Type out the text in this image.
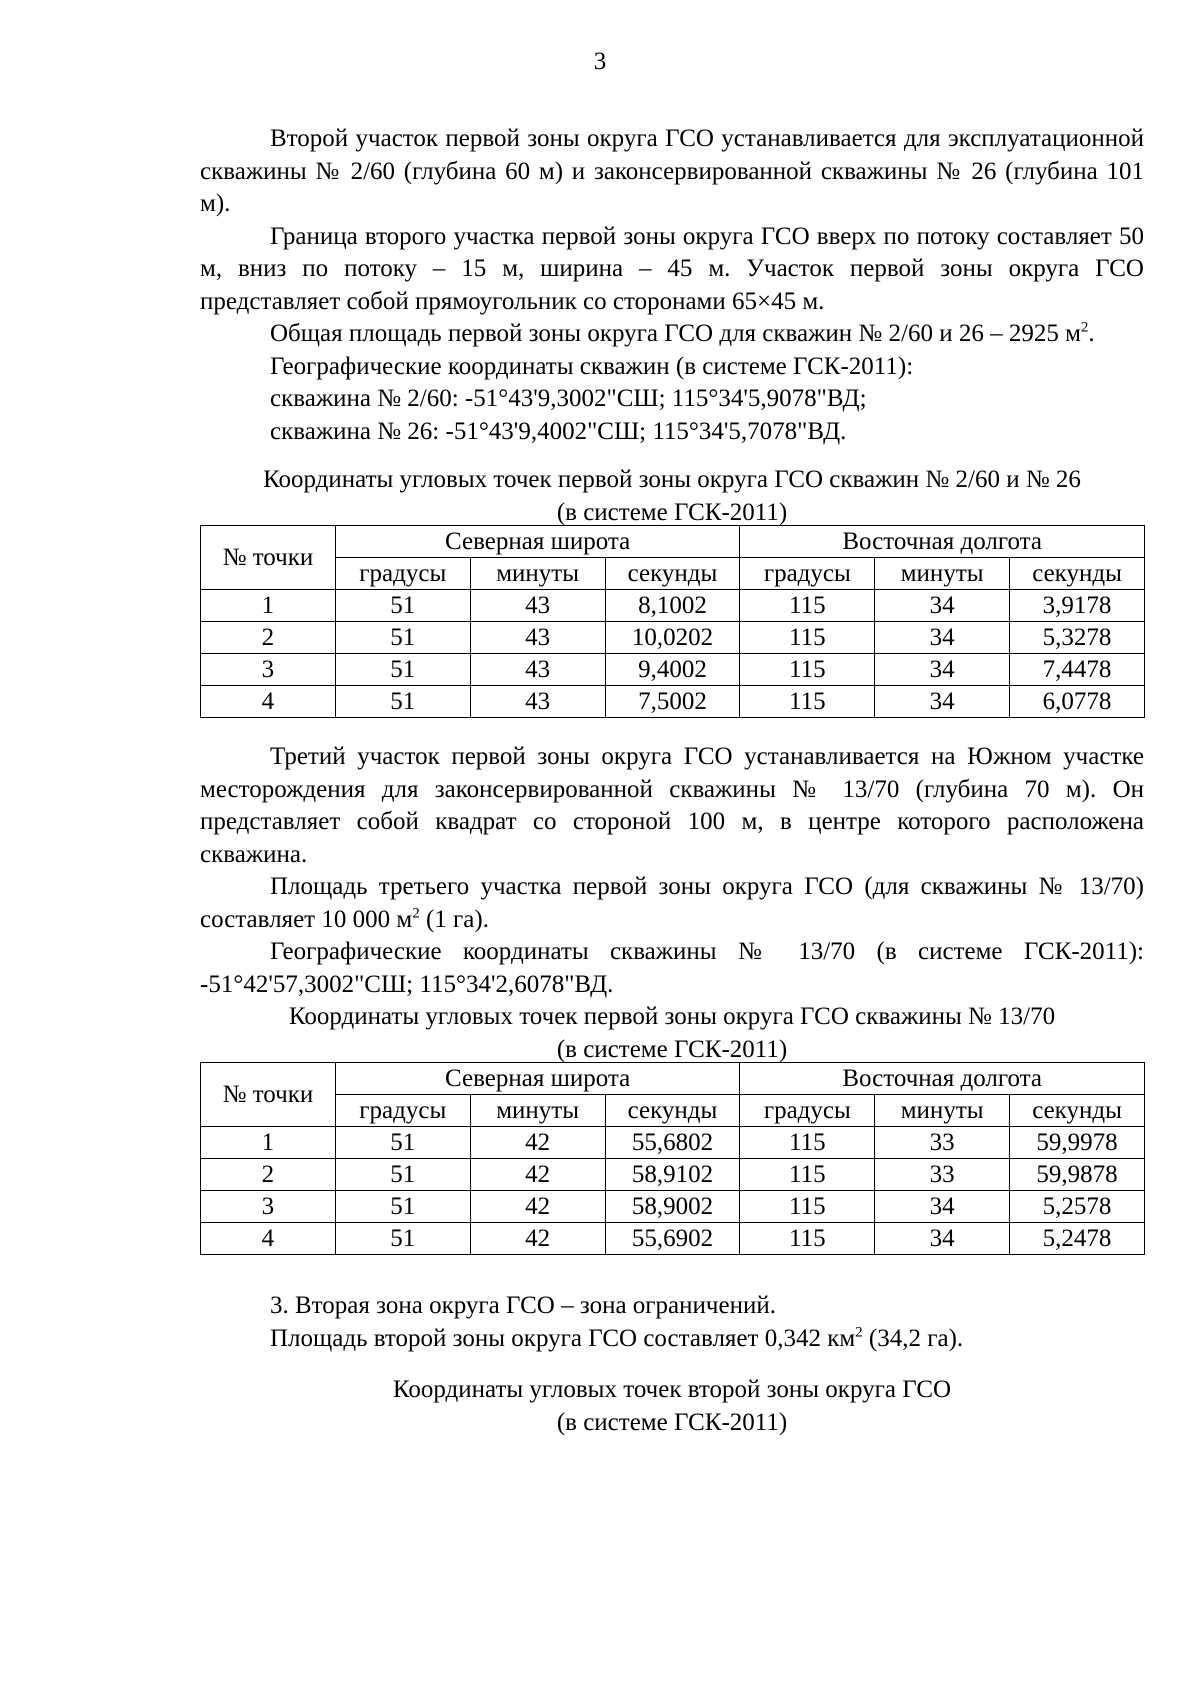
3

Второй участок первой зоны округа ГСО устанавливается для эксплуатационной скважины № 2/60 (глубина 60 м) и законсервированной скважины № 26 (глубина 101 м).

Граница второго участка первой зоны округа ГСО вверх по потоку составляет 50 м, вниз по потоку – 15 м, ширина – 45 м. Участок первой зоны округа ГСО представляет собой прямоугольник со сторонами 65×45 м.

Общая площадь первой зоны округа ГСО для скважин № 2/60 и 26 – 2925 $м^2$.

Географические координаты скважин (в системе ГСК-2011):

скважина № 2/60: -51°43'9,3002"СШ; 115°34'5,9078"ВД;

скважина № 26: -51°43'9,4002"СШ; 115°34'5,7078"ВД.

Координаты угловых точек первой зоны округа ГСО скважин № 2/60 и № 26

(в системе ГСК-2011)

№ точки	Северная широта			Восточная долгота		
	градусы	минуты	секунды	градусы	минуты	секунды
1	51	43	8,1002	115	34	3,9178
2	51	43	10,0202	115	34	5,3278
3	51	43	9,4002	115	34	7,4478
4	51	43	7,5002	115	34	6,0778

Третий участок первой зоны округа ГСО устанавливается на Южном участке месторождения для законсервированной скважины № 13/70 (глубина 70 м). Он представляет собой квадрат со стороной 100 м, в центре которого расположена скважина.

Площадь третьего участка первой зоны округа ГСО (для скважины № 13/70) составляет 10 000 $м^2$ (1 га).

Географические координаты скважины № 13/70 (в системе ГСК-2011): -51°42'57,3002"СШ; 115°34'2,6078"ВД.

Координаты угловых точек первой зоны округа ГСО скважины № 13/70

(в системе ГСК-2011)

№ точки	Северная широта			Восточная долгота		
	градусы	минуты	секунды	градусы	минуты	секунды
1	51	42	55,6802	115	33	59,9978
2	51	42	58,9102	115	33	59,9878
3	51	42	58,9002	115	34	5,2578
4	51	42	55,6902	115	34	5,2478

3. Вторая зона округа ГСО – зона ограничений.

Площадь второй зоны округа ГСО составляет 0,342 $км^2$ (34,2 га).

Координаты угловых точек второй зоны округа ГСО

(в системе ГСК-2011)
